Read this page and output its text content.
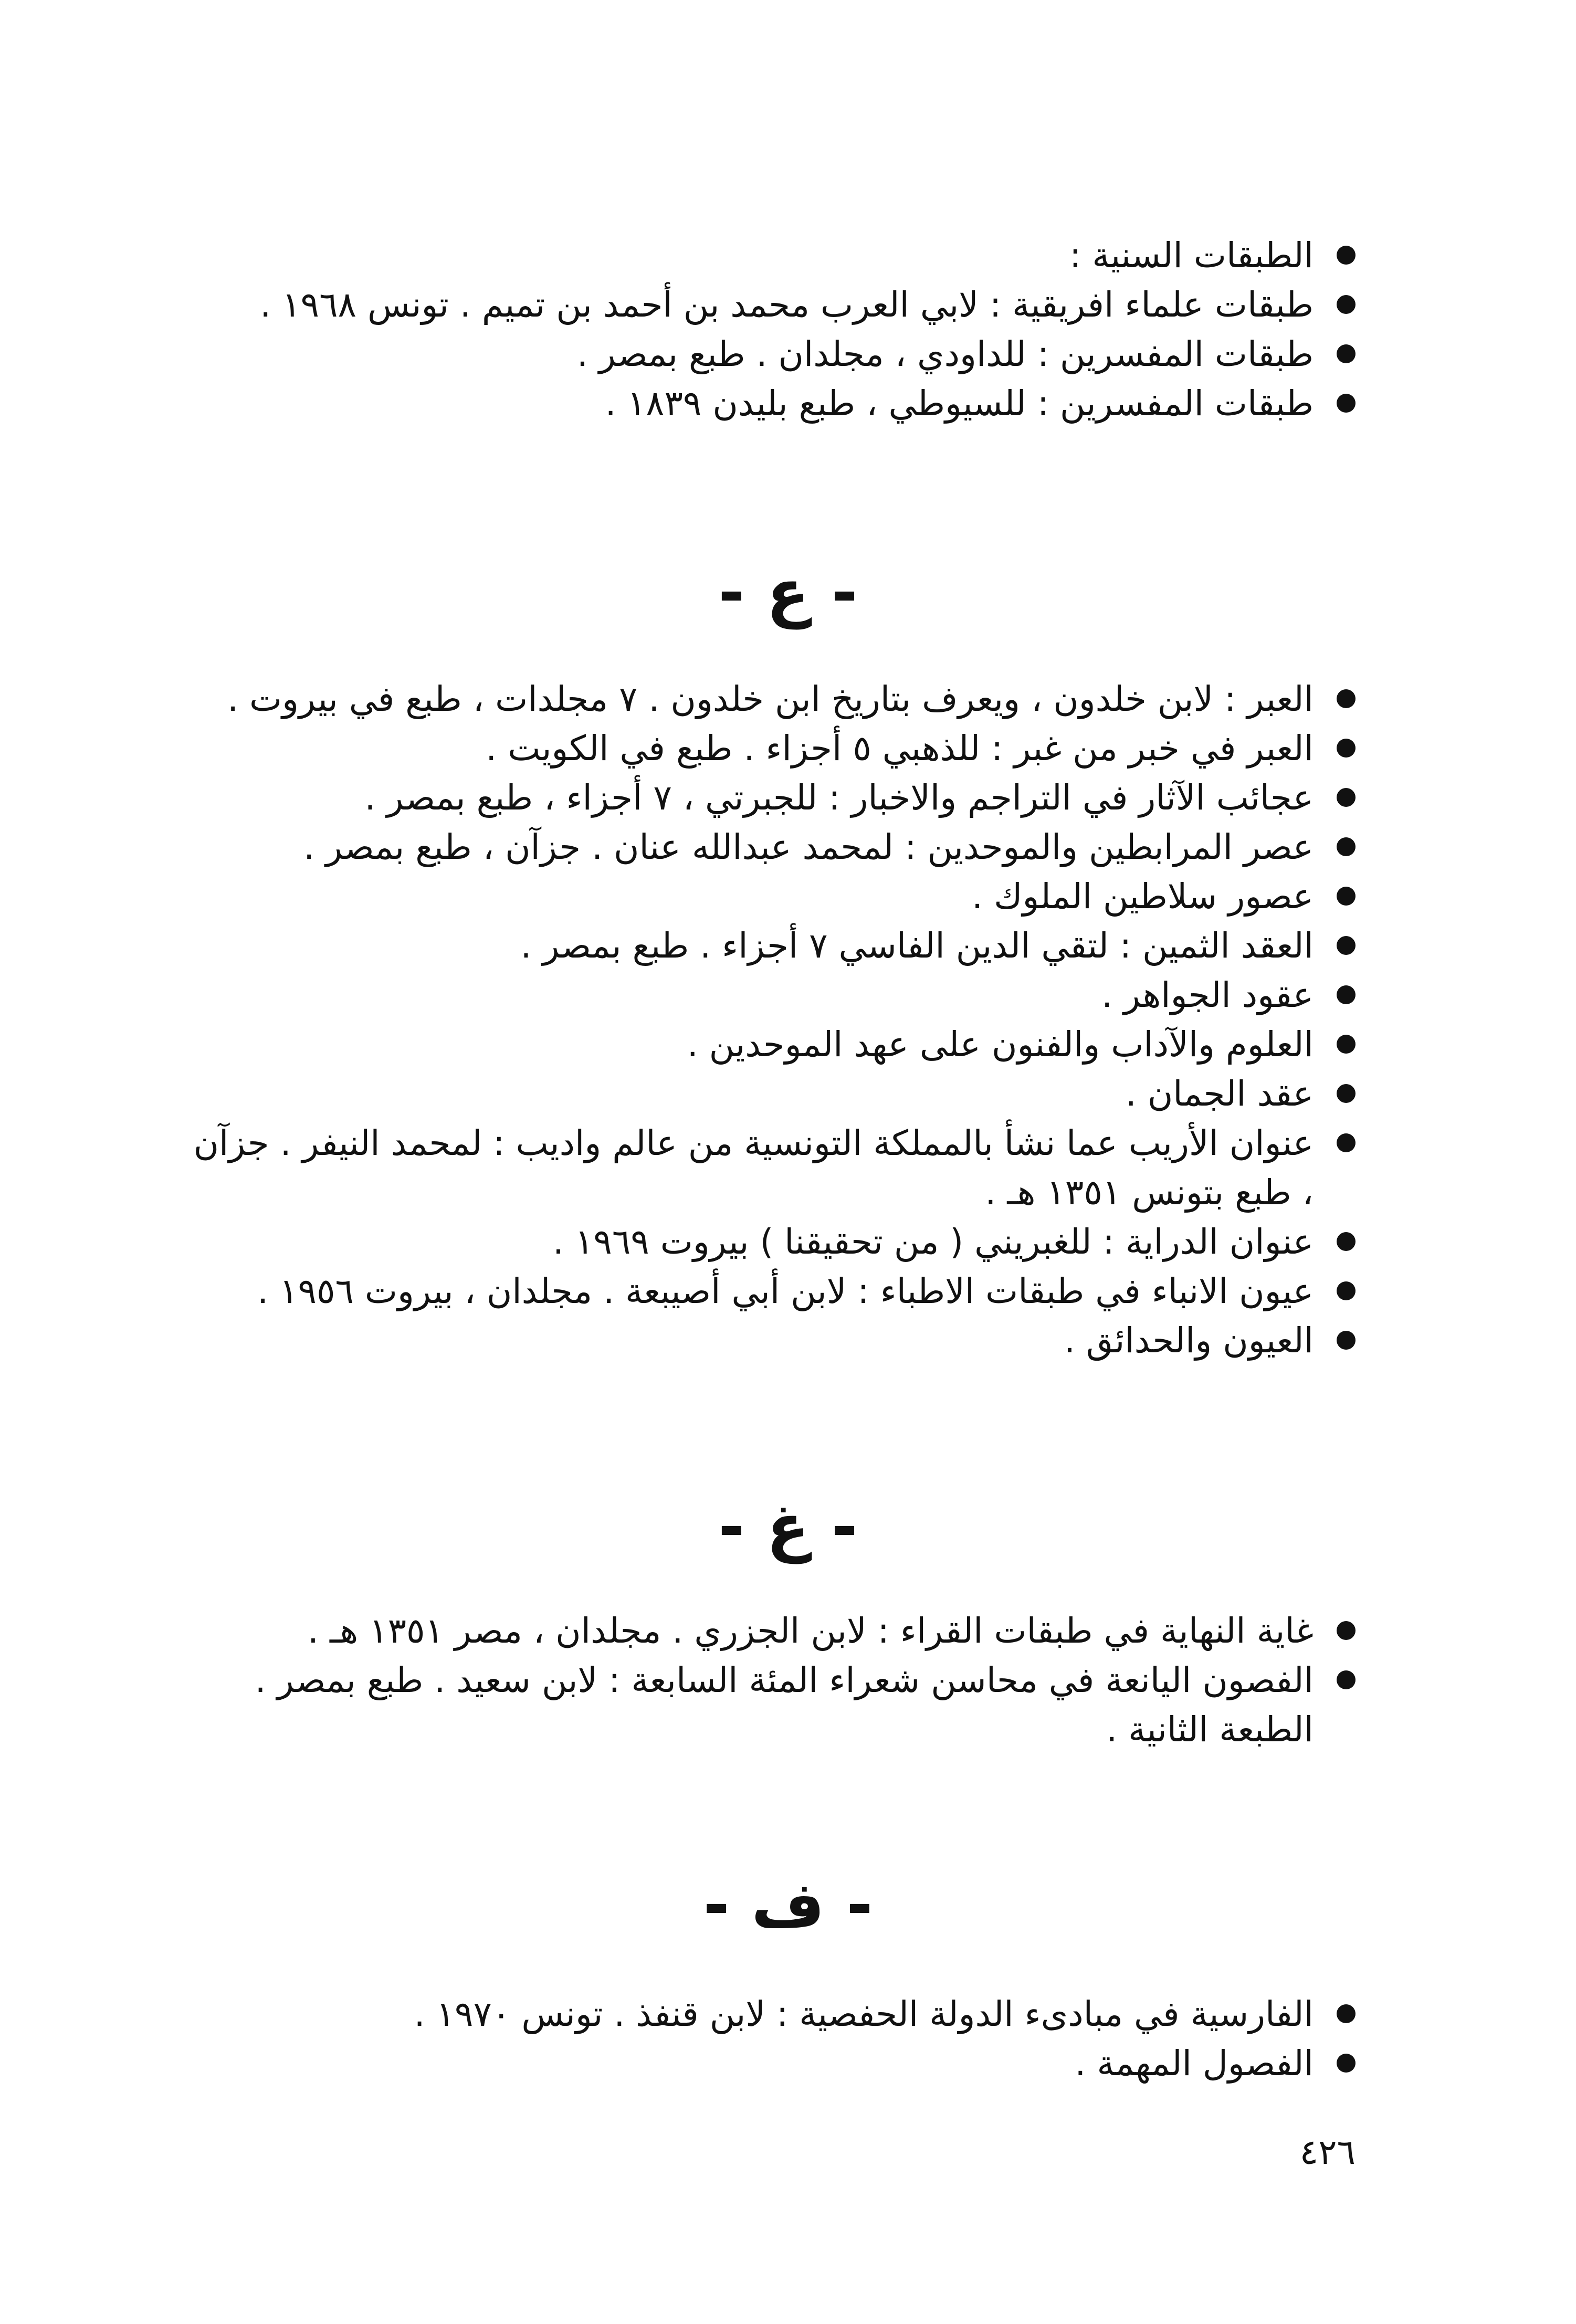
الطبقات السنية :
طبقات علماء افريقية : لابي العرب محمد بن أحمد بن تميم . تونس ١٩٦٨ .
طبقات المفسرين : للداودي ، مجلدان . طبع بمصر .
طبقات المفسرين : للسيوطي ، طبع بليدن ١٨٣٩ .
- ع -
العبر : لابن خلدون ، ويعرف بتاريخ ابن خلدون . ٧ مجلدات ، طبع في بيروت .
العبر في خبر من غبر : للذهبي ٥ أجزاء . طبع في الكويت .
عجائب الآثار في التراجم والاخبار : للجبرتي ، ٧ أجزاء ، طبع بمصر .
عصر المرابطين والموحدين : لمحمد عبدالله عنان . جزآن ، طبع بمصر .
عصور سلاطين الملوك .
العقد الثمين : لتقي الدين الفاسي ٧ أجزاء . طبع بمصر .
عقود الجواهر .
العلوم والآداب والفنون على عهد الموحدين .
عقد الجمان .
عنوان الأريب عما نشأ بالمملكة التونسية من عالم واديب : لمحمد النيفر . جزآن ، طبع بتونس ١٣٥١ هـ .
عنوان الدراية : للغبريني ( من تحقيقنا ) بيروت ١٩٦٩ .
عيون الانباء في طبقات الاطباء : لابن أبي أصيبعة . مجلدان ، بيروت ١٩٥٦ .
العيون والحدائق .
- غ -
غاية النهاية في طبقات القراء : لابن الجزري . مجلدان ، مصر ١٣٥١ هـ .
الفصون اليانعة في محاسن شعراء المئة السابعة : لابن سعيد . طبع بمصر . الطبعة الثانية .
- ف -
الفارسية في مبادىء الدولة الحفصية : لابن قنفذ . تونس ١٩٧٠ .
الفصول المهمة .
٤٢٦
